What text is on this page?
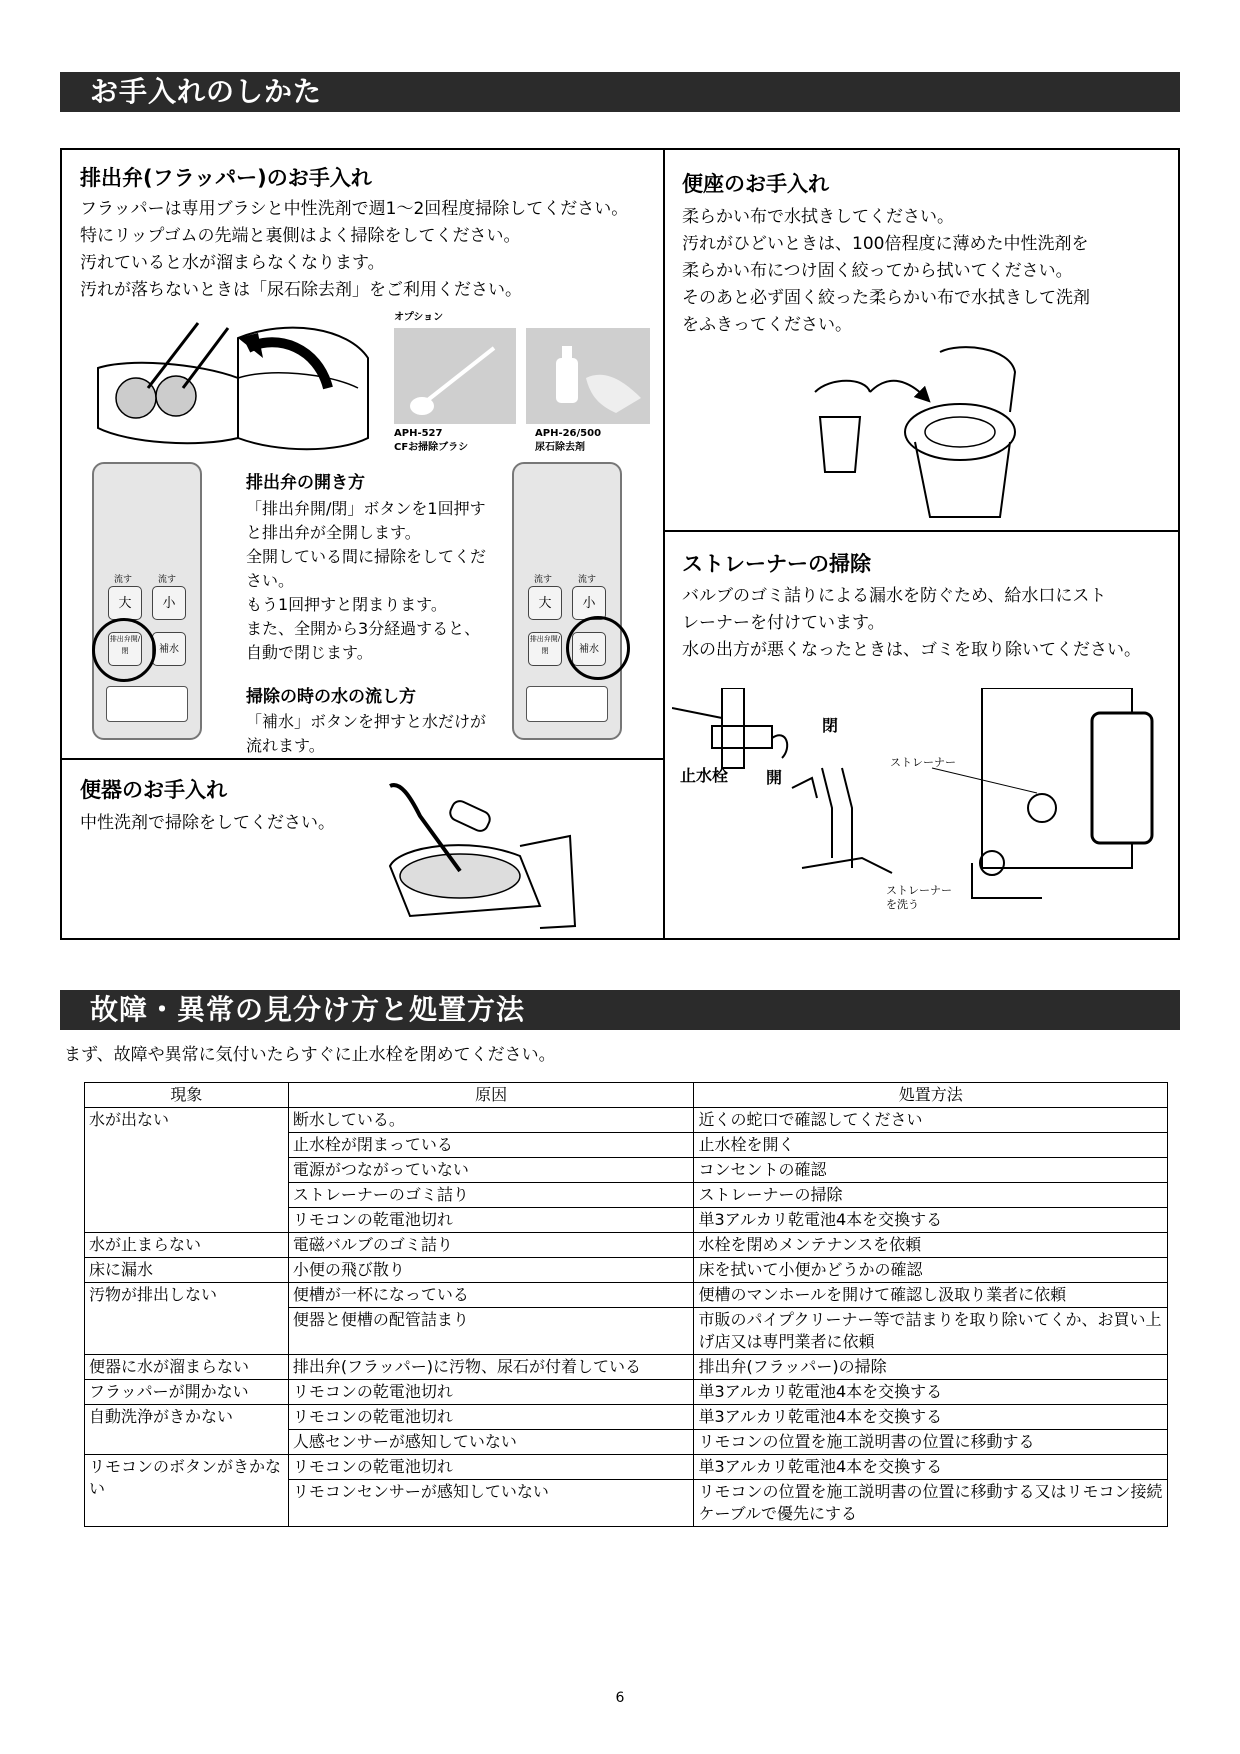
お手入れのしかた
排出弁(フラッパー)のお手入れ
フラッパーは専用ブラシと中性洗剤で週1～2回程度掃除してください。
特にリップゴムの先端と裏側はよく掃除をしてください。
汚れていると水が溜まらなくなります。
汚れが落ちないときは「尿石除去剤」をご利用ください。
オプション
APH-527
CFお掃除ブラシ
APH-26/500
尿石除去剤
流す	流す
大	小
排出弁開/閉	補水
流す	流す
大	小
排出弁開/閉	補水
排出弁の開き方
「排出弁開/閉」ボタンを1回押す
と排出弁が全開します。
全開している間に掃除をしてくだ
さい。
もう1回押すと閉まります。
また、全開から3分経過すると、
自動で閉じます。
掃除の時の水の流し方
「補水」ボタンを押すと水だけが
流れます。
便座のお手入れ
柔らかい布で水拭きしてください。
汚れがひどいときは、100倍程度に薄めた中性洗剤を
柔らかい布につけ固く絞ってから拭いてください。
そのあと必ず固く絞った柔らかい布で水拭きして洗剤
をふきってください。
ストレーナーの掃除
バルブのゴミ詰りによる漏水を防ぐため、給水口にスト
レーナーを付けています。
水の出方が悪くなったときは、ゴミを取り除いてください。
閉
開
止水栓
ストレーナー
ストレーナー
を洗う
便器のお手入れ
中性洗剤で掃除をしてください。
故障・異常の見分け方と処置方法
まず、故障や異常に気付いたらすぐに止水栓を閉めてください。
現象	原因	処置方法
水が出ない	断水している。	近くの蛇口で確認してください
	止水栓が閉まっている	止水栓を開く
	電源がつながっていない	コンセントの確認
	ストレーナーのゴミ詰り	ストレーナーの掃除
	リモコンの乾電池切れ	単3アルカリ乾電池4本を交換する
水が止まらない	電磁バルブのゴミ詰り	水栓を閉めメンテナンスを依頼
床に漏水	小便の飛び散り	床を拭いて小便かどうかの確認
汚物が排出しない	便槽が一杯になっている	便槽のマンホールを開けて確認し汲取り業者に依頼
	便器と便槽の配管詰まり	市販のパイプクリーナー等で詰まりを取り除いてくか、お買い上げ店又は専門業者に依頼
便器に水が溜まらない	排出弁(フラッパー)に汚物、尿石が付着している	排出弁(フラッパー)の掃除
フラッパーが開かない	リモコンの乾電池切れ	単3アルカリ乾電池4本を交換する
自動洗浄がきかない	リモコンの乾電池切れ	単3アルカリ乾電池4本を交換する
	人感センサーが感知していない	リモコンの位置を施工説明書の位置に移動する
リモコンのボタンがきかない	リモコンの乾電池切れ	単3アルカリ乾電池4本を交換する
	リモコンセンサーが感知していない	リモコンの位置を施工説明書の位置に移動する又はリモコン接続ケーブルで優先にする
6
